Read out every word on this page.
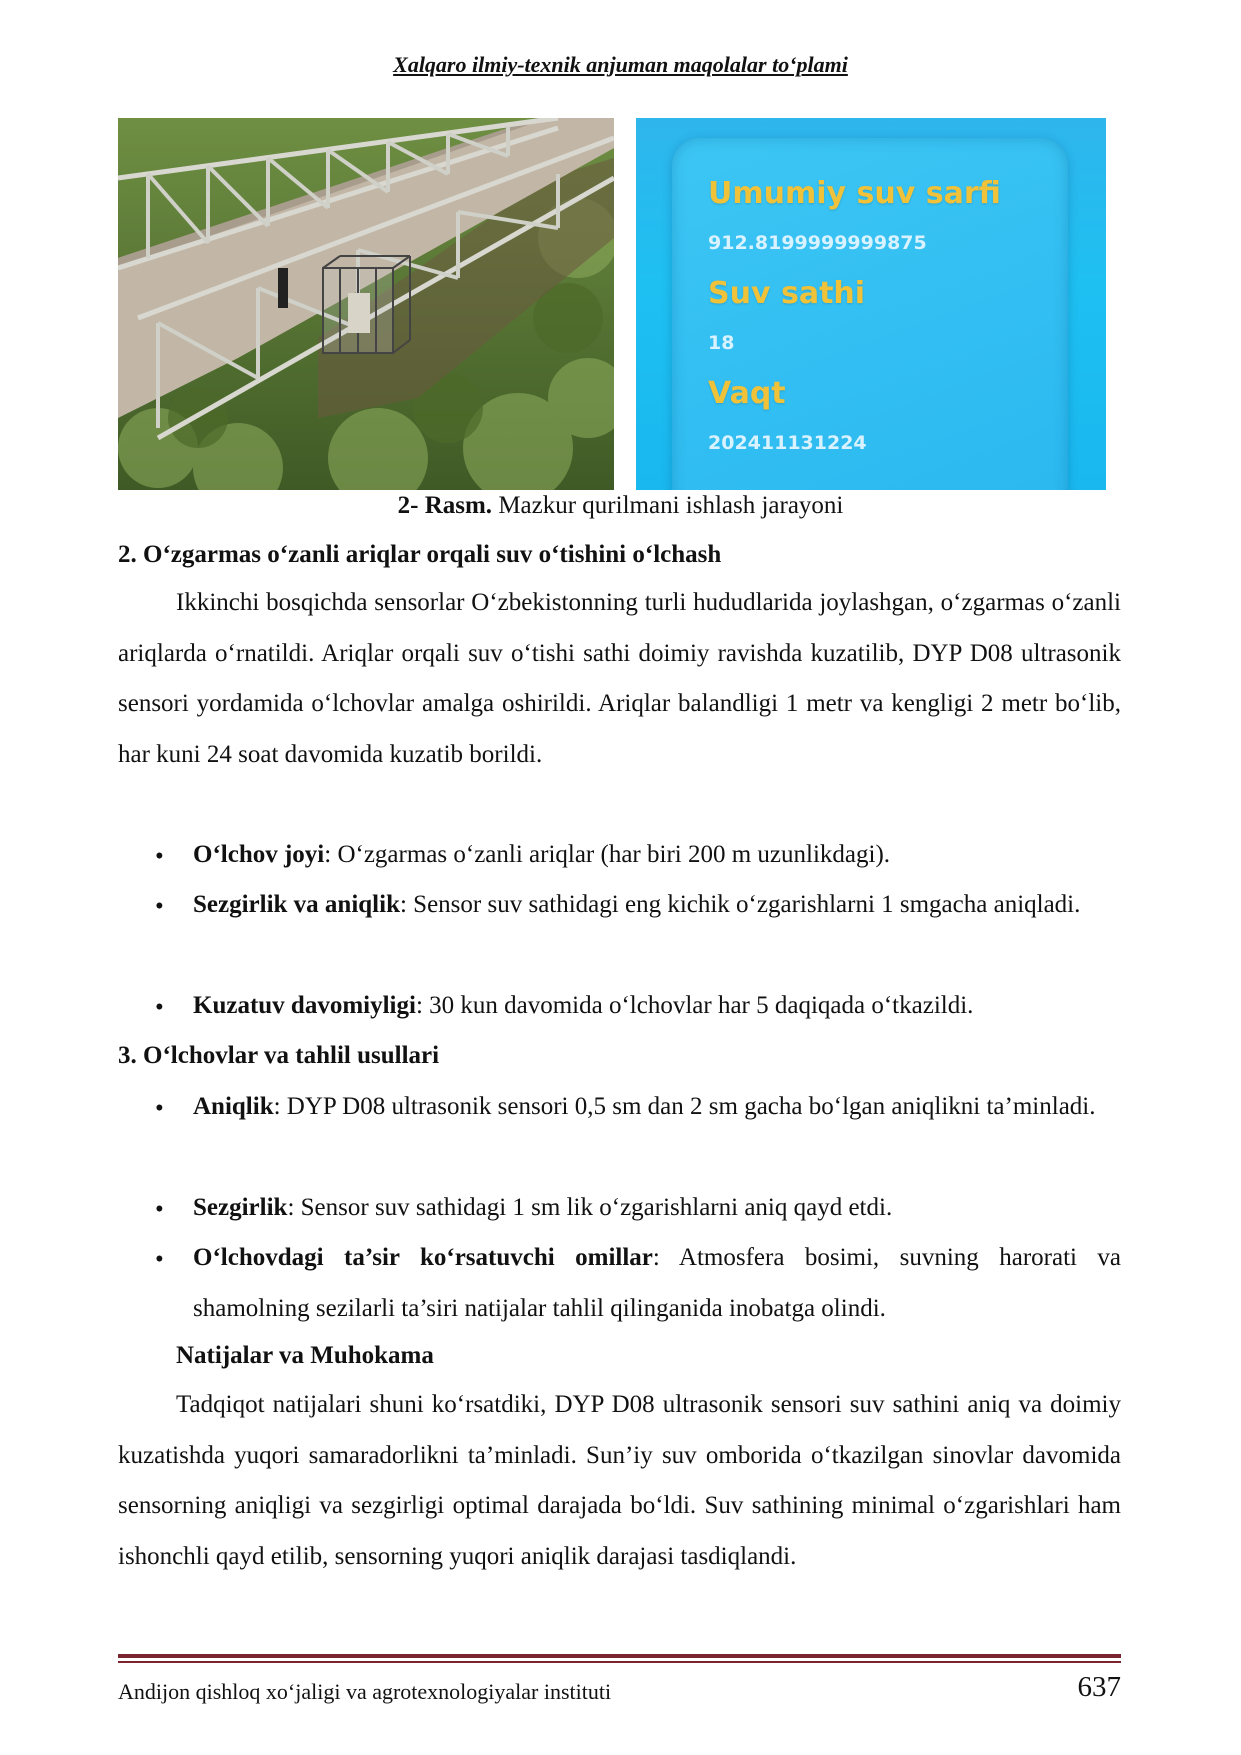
Xalqaro ilmiy-texnik anjuman maqolalar to‘plami
Umumiy suv sarfi
912.8199999999875
Suv sathi
18
Vaqt
202411131224
2- Rasm. Mazkur qurilmani ishlash jarayoni
2. O‘zgarmas o‘zanli ariqlar orqali suv o‘tishini o‘lchash
Ikkinchi bosqichda sensorlar O‘zbekistonning turli hududlarida joylashgan, o‘zgarmas o‘zanli ariqlarda o‘rnatildi. Ariqlar orqali suv o‘tishi sathi doimiy ravishda kuzatilib, DYP D08 ultrasonik sensori yordamida o‘lchovlar amalga oshirildi. Ariqlar balandligi 1 metr va kengligi 2 metr bo‘lib, har kuni 24 soat davomida kuzatib borildi.
• O‘lchov joyi: O‘zgarmas o‘zanli ariqlar (har biri 200 m uzunlikdagi).
• Sezgirlik va aniqlik: Sensor suv sathidagi eng kichik o‘zgarishlarni 1 smgacha aniqladi.
• Kuzatuv davomiyligi: 30 kun davomida o‘lchovlar har 5 daqiqada o‘tkazildi.
3. O‘lchovlar va tahlil usullari
• Aniqlik: DYP D08 ultrasonik sensori 0,5 sm dan 2 sm gacha bo‘lgan aniqlikni ta’minladi.
• Sezgirlik: Sensor suv sathidagi 1 sm lik o‘zgarishlarni aniq qayd etdi.
• O‘lchovdagi ta’sir ko‘rsatuvchi omillar: Atmosfera bosimi, suvning harorati va shamolning sezilarli ta’siri natijalar tahlil qilinganida inobatga olindi.
Natijalar va Muhokama
Tadqiqot natijalari shuni ko‘rsatdiki, DYP D08 ultrasonik sensori suv sathini aniq va doimiy kuzatishda yuqori samaradorlikni ta’minladi. Sun’iy suv omborida o‘tkazilgan sinovlar davomida sensorning aniqligi va sezgirligi optimal darajada bo‘ldi. Suv sathining minimal o‘zgarishlari ham ishonchli qayd etilib, sensorning yuqori aniqlik darajasi tasdiqlandi.
Andijon qishloq xo‘jaligi va agrotexnologiyalar instituti	637
